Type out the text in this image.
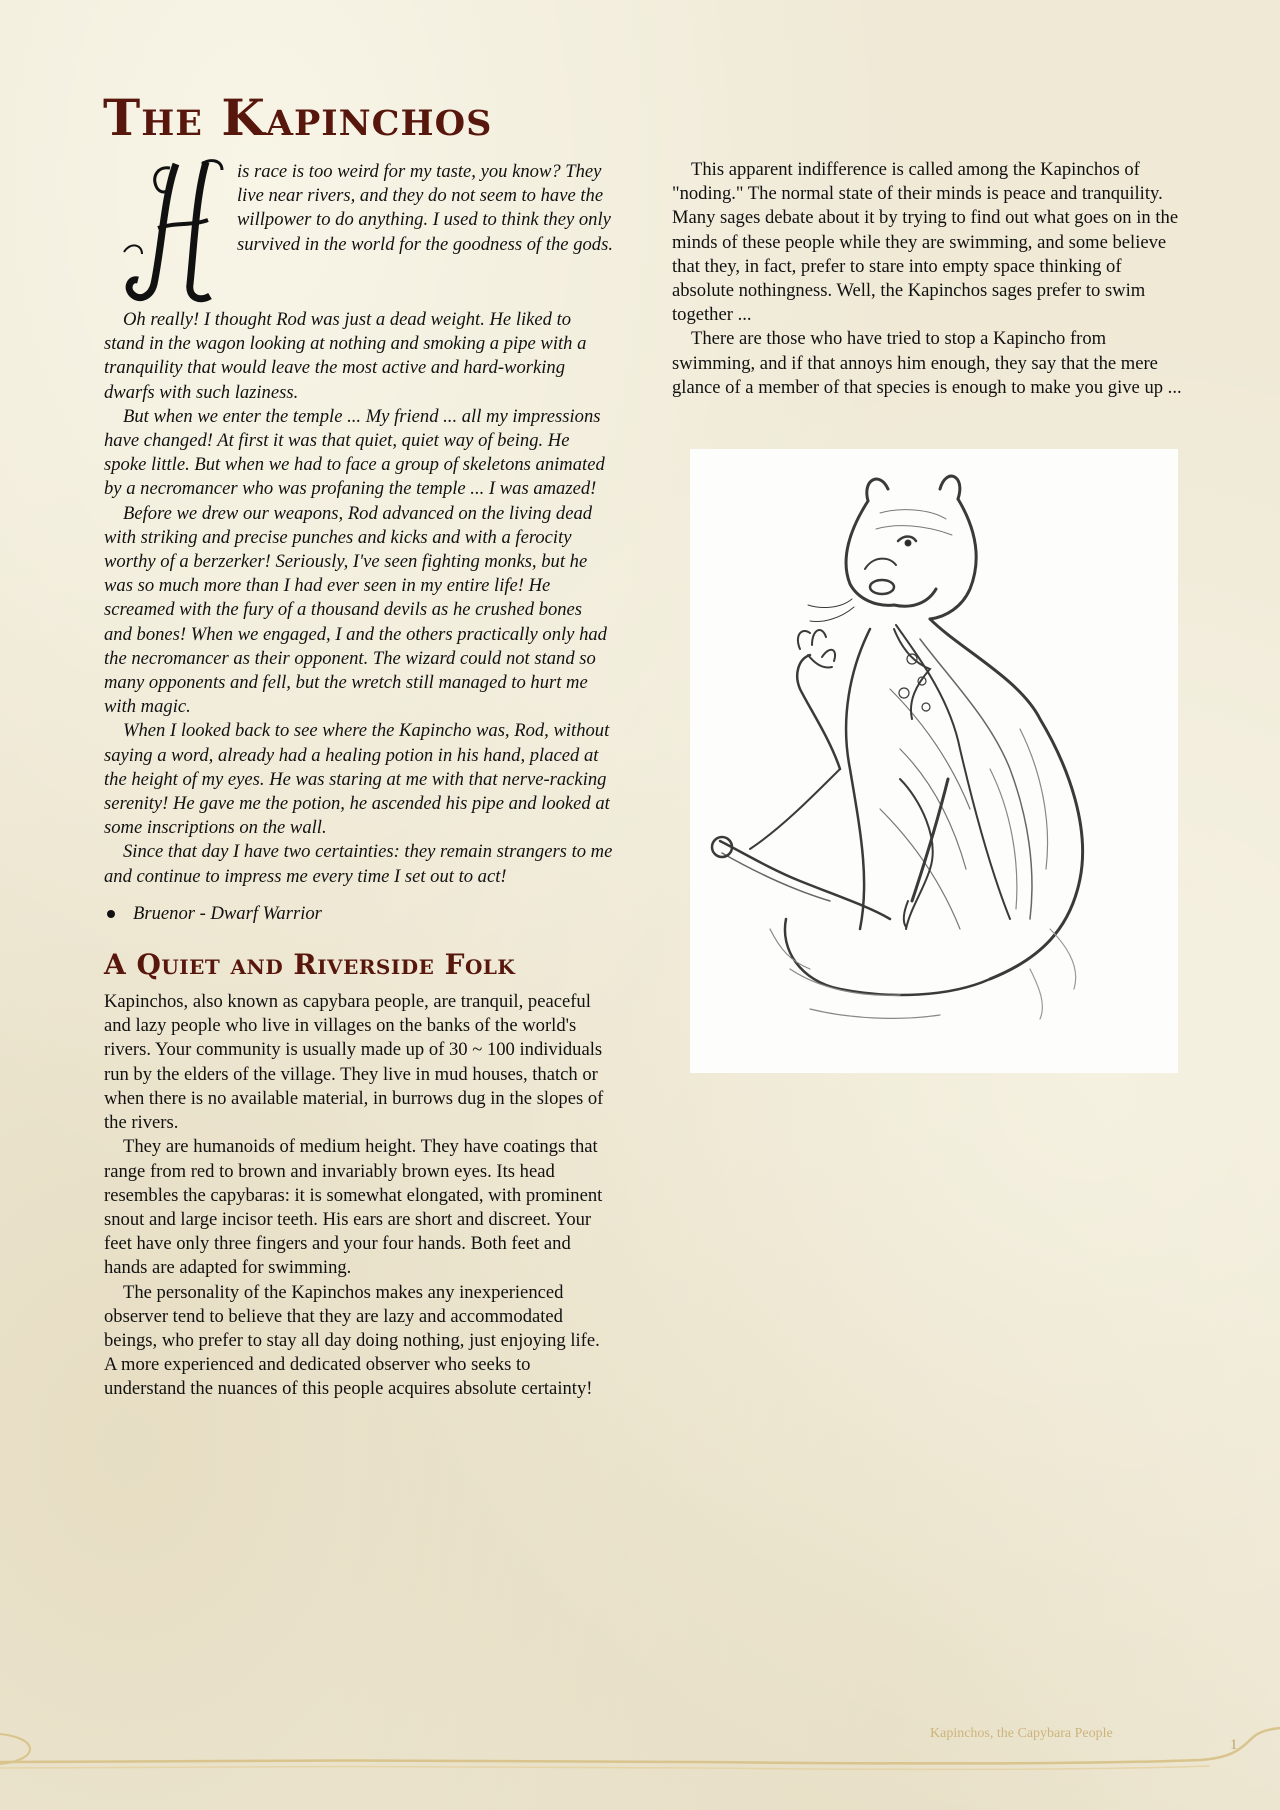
The Kapinchos
is race is too weird for my taste, you know? They live near rivers, and they do not seem to have the willpower to do anything. I used to think they only survived in the world for the goodness of the gods.

Oh really! I thought Rod was just a dead weight. He liked to stand in the wagon looking at nothing and smoking a pipe with a tranquility that would leave the most active and hard-working dwarfs with such laziness.

But when we enter the temple ... My friend ... all my impressions have changed! At first it was that quiet, quiet way of being. He spoke little. But when we had to face a group of skeletons animated by a necromancer who was profaning the temple ... I was amazed!

Before we drew our weapons, Rod advanced on the living dead with striking and precise punches and kicks and with a ferocity worthy of a berzerker! Seriously, I've seen fighting monks, but he was so much more than I had ever seen in my entire life! He screamed with the fury of a thousand devils as he crushed bones and bones! When we engaged, I and the others practically only had the necromancer as their opponent. The wizard could not stand so many opponents and fell, but the wretch still managed to hurt me with magic.

When I looked back to see where the Kapincho was, Rod, without saying a word, already had a healing potion in his hand, placed at the height of my eyes. He was staring at me with that nerve-racking serenity! He gave me the potion, he ascended his pipe and looked at some inscriptions on the wall.

Since that day I have two certainties: they remain strangers to me and continue to impress me every time I set out to act!

Bruenor - Dwarf Warrior
A Quiet and Riverside Folk

Kapinchos, also known as capybara people, are tranquil, peaceful and lazy people who live in villages on the banks of the world's rivers. Your community is usually made up of 30 ~ 100 individuals run by the elders of the village. They live in mud houses, thatch or when there is no available material, in burrows dug in the slopes of the rivers.

They are humanoids of medium height. They have coatings that range from red to brown and invariably brown eyes. Its head resembles the capybaras: it is somewhat elongated, with prominent snout and large incisor teeth. His ears are short and discreet. Your feet have only three fingers and your four hands. Both feet and hands are adapted for swimming.

The personality of the Kapinchos makes any inexperienced observer tend to believe that they are lazy and accommodated beings, who prefer to stay all day doing nothing, just enjoying life. A more experienced and dedicated observer who seeks to understand the nuances of this people acquires absolute certainty!

This apparent indifference is called among the Kapinchos of "noding." The normal state of their minds is peace and tranquility. Many sages debate about it by trying to find out what goes on in the minds of these people while they are swimming, and some believe that they, in fact, prefer to stare into empty space thinking of absolute nothingness. Well, the Kapinchos sages prefer to swim together ...

There are those who have tried to stop a Kapincho from swimming, and if that annoys him enough, they say that the mere glance of a member of that species is enough to make you give up ...

Kapinchos, the Capybara People
1
